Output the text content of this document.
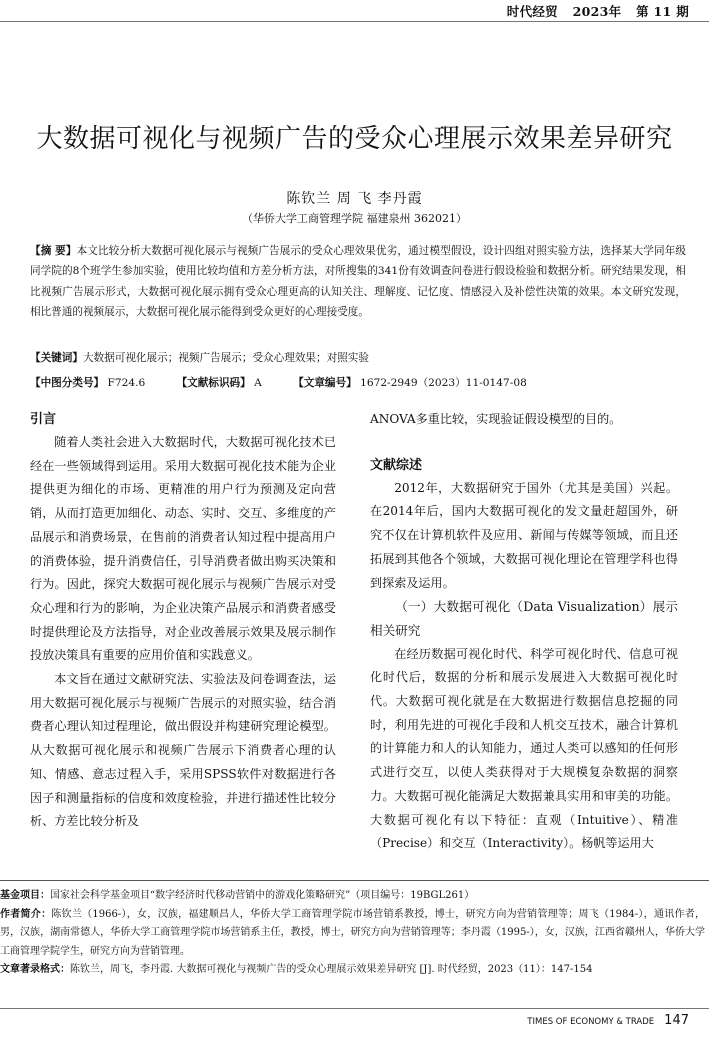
时代经贸 2023年 第 11 期
大数据可视化与视频广告的受众心理展示效果差异研究
陈钦兰 周 飞 李丹霞
（华侨大学工商管理学院 福建泉州 362021）
【摘 要】本文比较分析大数据可视化展示与视频广告展示的受众心理效果优劣，通过模型假设，设计四组对照实验方法，选择某大学同年级同学院的8个班学生参加实验，使用比较均值和方差分析方法，对所搜集的341份有效调查问卷进行假设检验和数据分析。研究结果发现，相比视频广告展示形式，大数据可视化展示拥有受众心理更高的认知关注、理解度、记忆度、情感浸入及补偿性决策的效果。本文研究发现，相比普通的视频展示，大数据可视化展示能得到受众更好的心理接受度。
【关键词】大数据可视化展示；视频广告展示；受众心理效果；对照实验
【中图分类号】 F724.6	【文献标识码】 A	【文章编号】 1672-2949（2023）11-0147-08
引言

随着人类社会进入大数据时代，大数据可视化技术已经在一些领域得到运用。采用大数据可视化技术能为企业提供更为细化的市场、更精准的用户行为预测及定向营销，从而打造更加细化、动态、实时、交互、多维度的产品展示和消费场景，在售前的消费者认知过程中提高用户的消费体验，提升消费信任，引导消费者做出购买决策和行为。因此，探究大数据可视化展示与视频广告展示对受众心理和行为的影响，为企业决策产品展示和消费者感受时提供理论及方法指导，对企业改善展示效果及展示制作投放决策具有重要的应用价值和实践意义。

本文旨在通过文献研究法、实验法及问卷调查法，运用大数据可视化展示与视频广告展示的对照实验，结合消费者心理认知过程理论，做出假设并构建研究理论模型。从大数据可视化展示和视频广告展示下消费者心理的认知、情感、意志过程入手，采用SPSS软件对数据进行各因子和测量指标的信度和效度检验，并进行描述性比较分析、方差比较分析及

ANOVA多重比较，实现验证假设模型的目的。

文献综述

2012年，大数据研究于国外（尤其是美国）兴起。在2014年后，国内大数据可视化的发文量赶超国外，研究不仅在计算机软件及应用、新闻与传媒等领域，而且还拓展到其他各个领域，大数据可视化理论在管理学科也得到探索及运用。

（一）大数据可视化（Data Visualization）展示相关研究

在经历数据可视化时代、科学可视化时代、信息可视化时代后，数据的分析和展示发展进入大数据可视化时代。大数据可视化就是在大数据进行数据信息挖掘的同时，利用先进的可视化手段和人机交互技术，融合计算机的计算能力和人的认知能力，通过人类可以感知的任何形式进行交互，以使人类获得对于大规模复杂数据的洞察力。大数据可视化能满足大数据兼具实用和审美的功能。大数据可视化有以下特征：直观（Intuitive）、精准（Precise）和交互（Interactivity）。杨帆等运用大

基金项目：国家社会科学基金项目“数字经济时代移动营销中的游戏化策略研究”（项目编号：19BGL261）

作者简介：陈钦兰（1966-），女，汉族，福建顺昌人，华侨大学工商管理学院市场营销系教授，博士，研究方向为营销管理等；周飞（1984-），通讯作者，男，汉族，湖南常德人，华侨大学工商管理学院市场营销系主任，教授，博士，研究方向为营销管理等；李丹霞（1995-），女，汉族，江西省赣州人，华侨大学工商管理学院学生，研究方向为营销管理。

文章著录格式：陈钦兰，周飞，李丹霞. 大数据可视化与视频广告的受众心理展示效果差异研究 [J]. 时代经贸，2023（11）：147-154

TIMES OF ECONOMY & TRADE 147
